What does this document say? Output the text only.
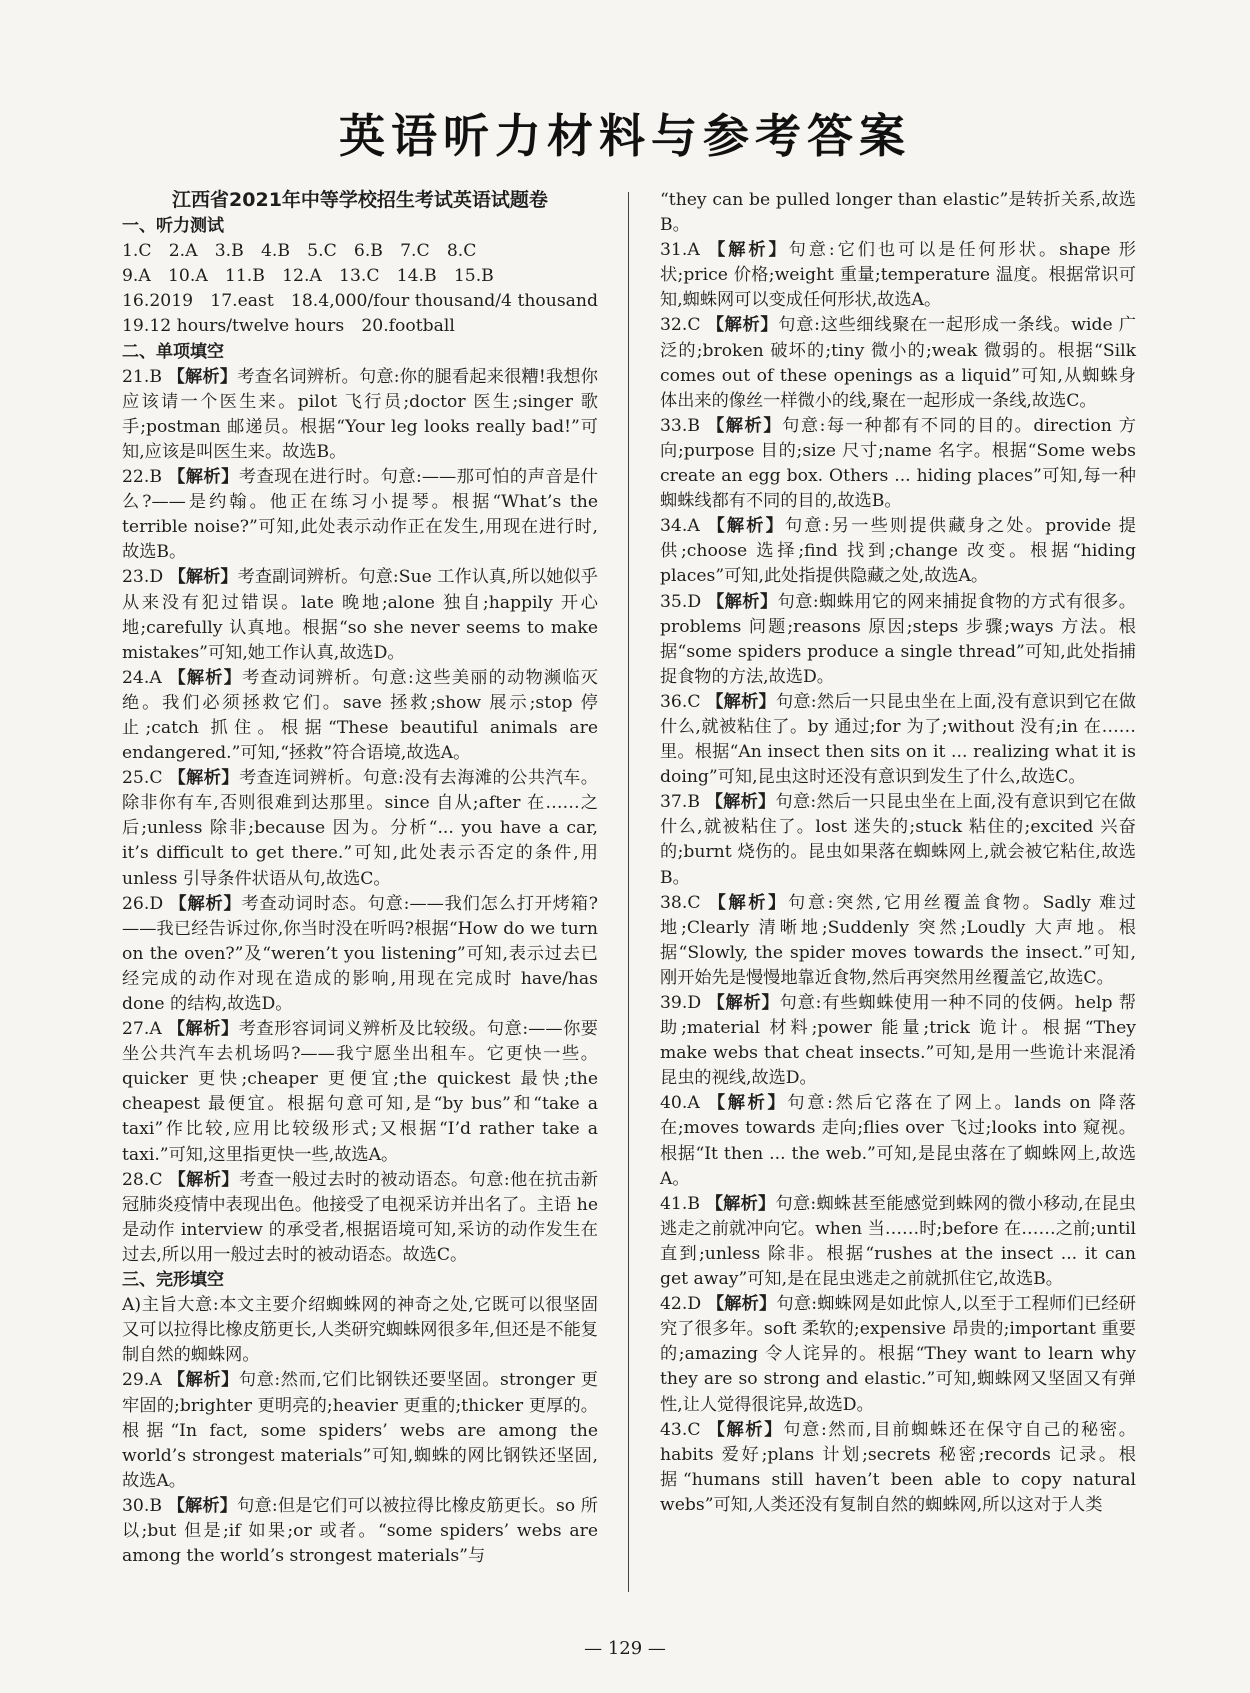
英语听力材料与参考答案
江西省2021年中等学校招生考试英语试题卷
一、听力测试
1.C　2.A　3.B　4.B　5.C　6.B　7.C　8.C
9.A　10.A　11.B　12.A　13.C　14.B　15.B
16.2019　17.east　18.4,000/four thousand/4 thousand
19.12 hours/twelve hours　20.football
二、单项填空
21.B 【解析】考查名词辨析。句意:你的腿看起来很糟!我想你应该请一个医生来。pilot 飞行员;doctor 医生;singer 歌手;postman 邮递员。根据“Your leg looks really bad!”可知,应该是叫医生来。故选B。
22.B 【解析】考查现在进行时。句意:——那可怕的声音是什么?——是约翰。他正在练习小提琴。根据“What’s the terrible noise?”可知,此处表示动作正在发生,用现在进行时,故选B。
23.D 【解析】考查副词辨析。句意:Sue 工作认真,所以她似乎从来没有犯过错误。late 晚地;alone 独自;happily 开心地;carefully 认真地。根据“so she never seems to make mistakes”可知,她工作认真,故选D。
24.A 【解析】考查动词辨析。句意:这些美丽的动物濒临灭绝。我们必须拯救它们。save 拯救;show 展示;stop 停止;catch 抓住。根据“These beautiful animals are endangered.”可知,“拯救”符合语境,故选A。
25.C 【解析】考查连词辨析。句意:没有去海滩的公共汽车。除非你有车,否则很难到达那里。since 自从;after 在……之后;unless 除非;because 因为。分析“... you have a car, it’s difficult to get there.”可知,此处表示否定的条件,用 unless 引导条件状语从句,故选C。
26.D 【解析】考查动词时态。句意:——我们怎么打开烤箱?——我已经告诉过你,你当时没在听吗?根据“How do we turn on the oven?”及“weren’t you listening”可知,表示过去已经完成的动作对现在造成的影响,用现在完成时 have/has done 的结构,故选D。
27.A 【解析】考查形容词词义辨析及比较级。句意:——你要坐公共汽车去机场吗?——我宁愿坐出租车。它更快一些。quicker 更快;cheaper 更便宜;the quickest 最快;the cheapest 最便宜。根据句意可知,是“by bus”和“take a taxi”作比较,应用比较级形式;又根据“I’d rather take a taxi.”可知,这里指更快一些,故选A。
28.C 【解析】考查一般过去时的被动语态。句意:他在抗击新冠肺炎疫情中表现出色。他接受了电视采访并出名了。主语 he 是动作 interview 的承受者,根据语境可知,采访的动作发生在过去,所以用一般过去时的被动语态。故选C。
三、完形填空
A)主旨大意:本文主要介绍蜘蛛网的神奇之处,它既可以很坚固又可以拉得比橡皮筋更长,人类研究蜘蛛网很多年,但还是不能复制自然的蜘蛛网。
29.A 【解析】句意:然而,它们比钢铁还要坚固。stronger 更牢固的;brighter 更明亮的;heavier 更重的;thicker 更厚的。根据“In fact, some spiders’ webs are among the world’s strongest materials”可知,蜘蛛的网比钢铁还坚固,故选A。
30.B 【解析】句意:但是它们可以被拉得比橡皮筋更长。so 所以;but 但是;if 如果;or 或者。“some spiders’ webs are among the world’s strongest materials”与
“they can be pulled longer than elastic”是转折关系,故选B。
31.A 【解析】句意:它们也可以是任何形状。shape 形状;price 价格;weight 重量;temperature 温度。根据常识可知,蜘蛛网可以变成任何形状,故选A。
32.C 【解析】句意:这些细线聚在一起形成一条线。wide 广泛的;broken 破坏的;tiny 微小的;weak 微弱的。根据“Silk comes out of these openings as a liquid”可知,从蜘蛛身体出来的像丝一样微小的线,聚在一起形成一条线,故选C。
33.B 【解析】句意:每一种都有不同的目的。direction 方向;purpose 目的;size 尺寸;name 名字。根据“Some webs create an egg box. Others ... hiding places”可知,每一种蜘蛛线都有不同的目的,故选B。
34.A 【解析】句意:另一些则提供藏身之处。provide 提供;choose 选择;find 找到;change 改变。根据“hiding places”可知,此处指提供隐藏之处,故选A。
35.D 【解析】句意:蜘蛛用它的网来捕捉食物的方式有很多。problems 问题;reasons 原因;steps 步骤;ways 方法。根据“some spiders produce a single thread”可知,此处指捕捉食物的方法,故选D。
36.C 【解析】句意:然后一只昆虫坐在上面,没有意识到它在做什么,就被粘住了。by 通过;for 为了;without 没有;in 在……里。根据“An insect then sits on it ... realizing what it is doing”可知,昆虫这时还没有意识到发生了什么,故选C。
37.B 【解析】句意:然后一只昆虫坐在上面,没有意识到它在做什么,就被粘住了。lost 迷失的;stuck 粘住的;excited 兴奋的;burnt 烧伤的。昆虫如果落在蜘蛛网上,就会被它粘住,故选B。
38.C 【解析】句意:突然,它用丝覆盖食物。Sadly 难过地;Clearly 清晰地;Suddenly 突然;Loudly 大声地。根据“Slowly, the spider moves towards the insect.”可知,刚开始先是慢慢地靠近食物,然后再突然用丝覆盖它,故选C。
39.D 【解析】句意:有些蜘蛛使用一种不同的伎俩。help 帮助;material 材料;power 能量;trick 诡计。根据“They make webs that cheat insects.”可知,是用一些诡计来混淆昆虫的视线,故选D。
40.A 【解析】句意:然后它落在了网上。lands on 降落在;moves towards 走向;flies over 飞过;looks into 窥视。根据“It then ... the web.”可知,是昆虫落在了蜘蛛网上,故选A。
41.B 【解析】句意:蜘蛛甚至能感觉到蛛网的微小移动,在昆虫逃走之前就冲向它。when 当……时;before 在……之前;until 直到;unless 除非。根据“rushes at the insect ... it can get away”可知,是在昆虫逃走之前就抓住它,故选B。
42.D 【解析】句意:蜘蛛网是如此惊人,以至于工程师们已经研究了很多年。soft 柔软的;expensive 昂贵的;important 重要的;amazing 令人诧异的。根据“They want to learn why they are so strong and elastic.”可知,蜘蛛网又坚固又有弹性,让人觉得很诧异,故选D。
43.C 【解析】句意:然而,目前蜘蛛还在保守自己的秘密。habits 爱好;plans 计划;secrets 秘密;records 记录。根据“humans still haven’t been able to copy natural webs”可知,人类还没有复制自然的蜘蛛网,所以这对于人类
— 129 —
